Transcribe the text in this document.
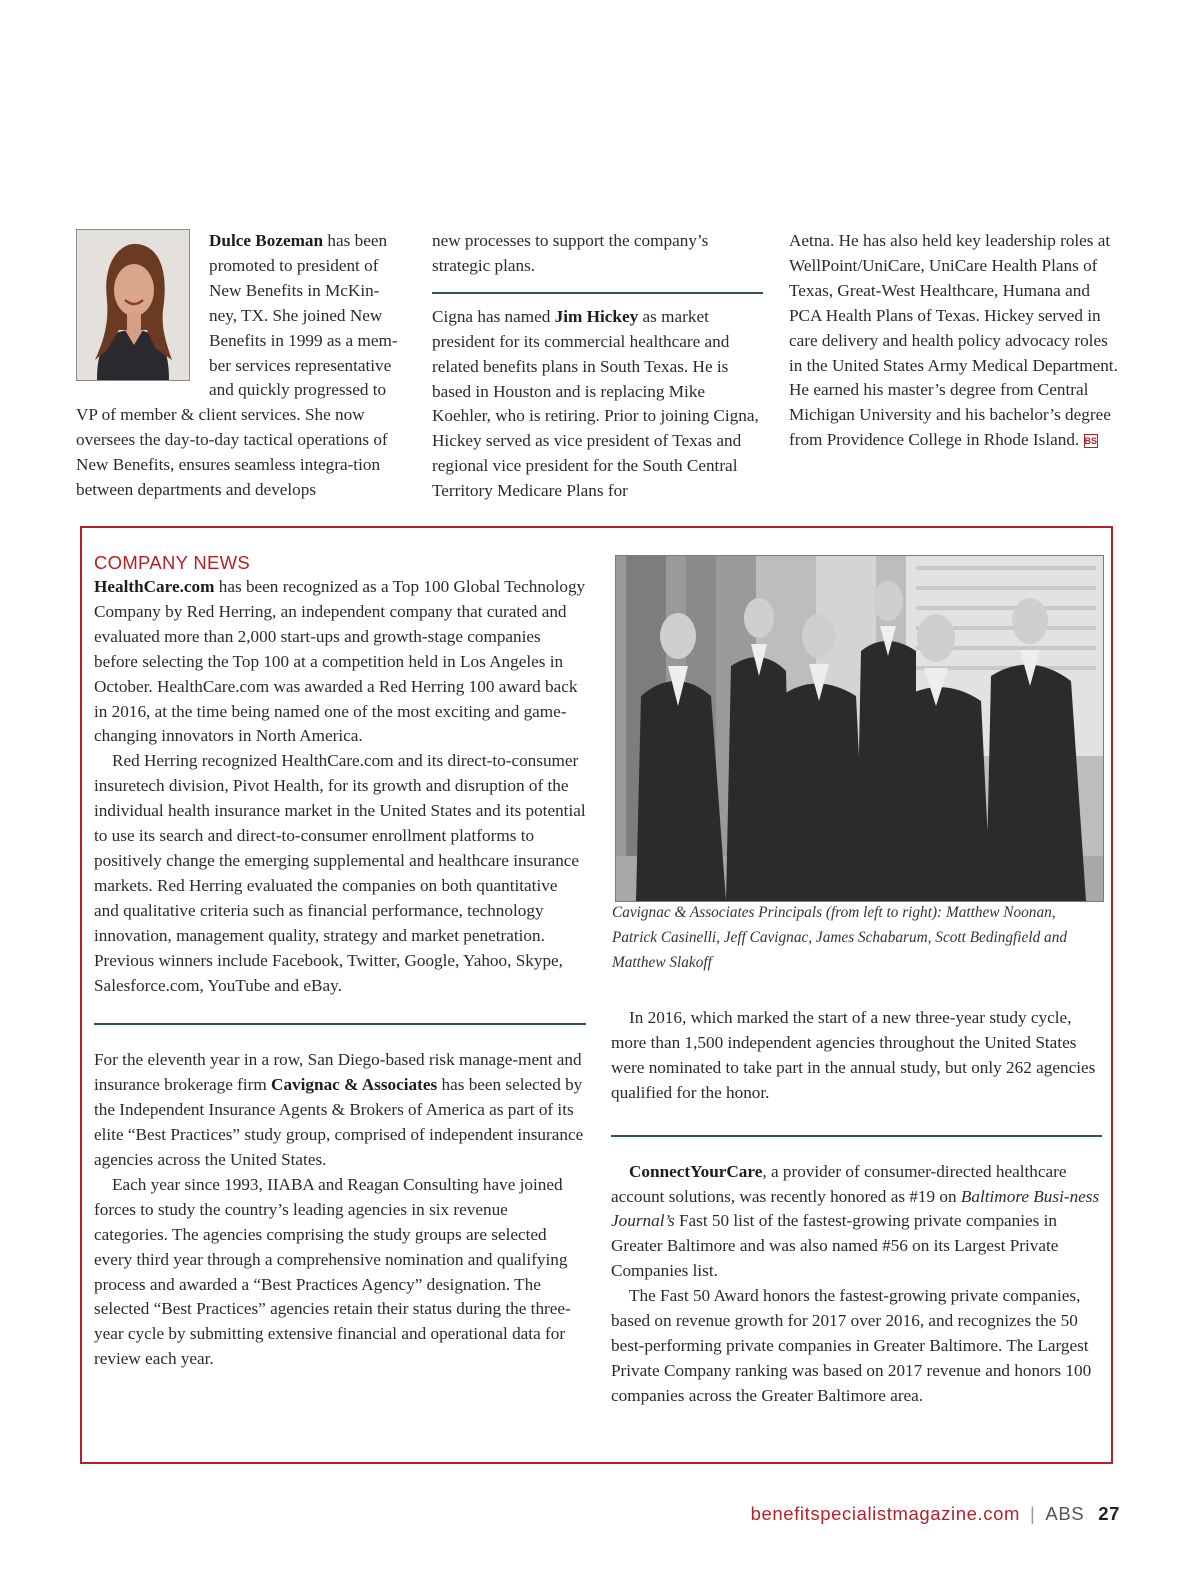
Dulce Bozeman has been promoted to president of New Benefits in McKin-ney, TX. She joined New Benefits in 1999 as a mem-ber services representative and quickly progressed to VP of member & client services. She now oversees the day-to-day tactical operations of New Benefits, ensures seamless integra-tion between departments and develops

new processes to support the company’s strategic plans.

Cigna has named Jim Hickey as market president for its commercial healthcare and related benefits plans in South Texas. He is based in Houston and is replacing Mike Koehler, who is retiring. Prior to joining Cigna, Hickey served as vice president of Texas and regional vice president for the South Central Territory Medicare Plans for

Aetna. He has also held key leadership roles at WellPoint/UniCare, UniCare Health Plans of Texas, Great-West Healthcare, Humana and PCA Health Plans of Texas. Hickey served in care delivery and health policy advocacy roles in the United States Army Medical Department. He earned his master’s degree from Central Michigan University and his bachelor’s degree from Providence College in Rhode Island. BS

COMPANY NEWS

HealthCare.com has been recognized as a Top 100 Global Technology Company by Red Herring, an independent company that curated and evaluated more than 2,000 start-ups and growth-stage companies before selecting the Top 100 at a competition held in Los Angeles in October. HealthCare.com was awarded a Red Herring 100 award back in 2016, at the time being named one of the most exciting and game-changing innovators in North America.

Red Herring recognized HealthCare.com and its direct-to-consumer insuretech division, Pivot Health, for its growth and disruption of the individual health insurance market in the United States and its potential to use its search and direct-to-consumer enrollment platforms to positively change the emerging supplemental and healthcare insurance markets. Red Herring evaluated the companies on both quantitative and qualitative criteria such as financial performance, technology innovation, management quality, strategy and market penetration. Previous winners include Facebook, Twitter, Google, Yahoo, Skype, Salesforce.com, YouTube and eBay.

For the eleventh year in a row, San Diego-based risk manage-ment and insurance brokerage firm Cavignac & Associates has been selected by the Independent Insurance Agents & Brokers of America as part of its elite “Best Practices” study group, comprised of independent insurance agencies across the United States.

Each year since 1993, IIABA and Reagan Consulting have joined forces to study the country’s leading agencies in six revenue categories. The agencies comprising the study groups are selected every third year through a comprehensive nomination and qualifying process and awarded a “Best Practices Agency” designation. The selected “Best Practices” agencies retain their status during the three-year cycle by submitting extensive financial and operational data for review each year.

Cavignac & Associates Principals (from left to right): Matthew Noonan, Patrick Casinelli, Jeff Cavignac, James Schabarum, Scott Bedingfield and Matthew Slakoff

In 2016, which marked the start of a new three-year study cycle, more than 1,500 independent agencies throughout the United States were nominated to take part in the annual study, but only 262 agencies qualified for the honor.

ConnectYourCare, a provider of consumer-directed healthcare account solutions, was recently honored as #19 on Baltimore Busi-ness Journal’s Fast 50 list of the fastest-growing private companies in Greater Baltimore and was also named #56 on its Largest Private Companies list.

The Fast 50 Award honors the fastest-growing private companies, based on revenue growth for 2017 over 2016, and recognizes the 50 best-performing private companies in Greater Baltimore. The Largest Private Company ranking was based on 2017 revenue and honors 100 companies across the Greater Baltimore area.

benefitspecialistmagazine.com | ABS 27
